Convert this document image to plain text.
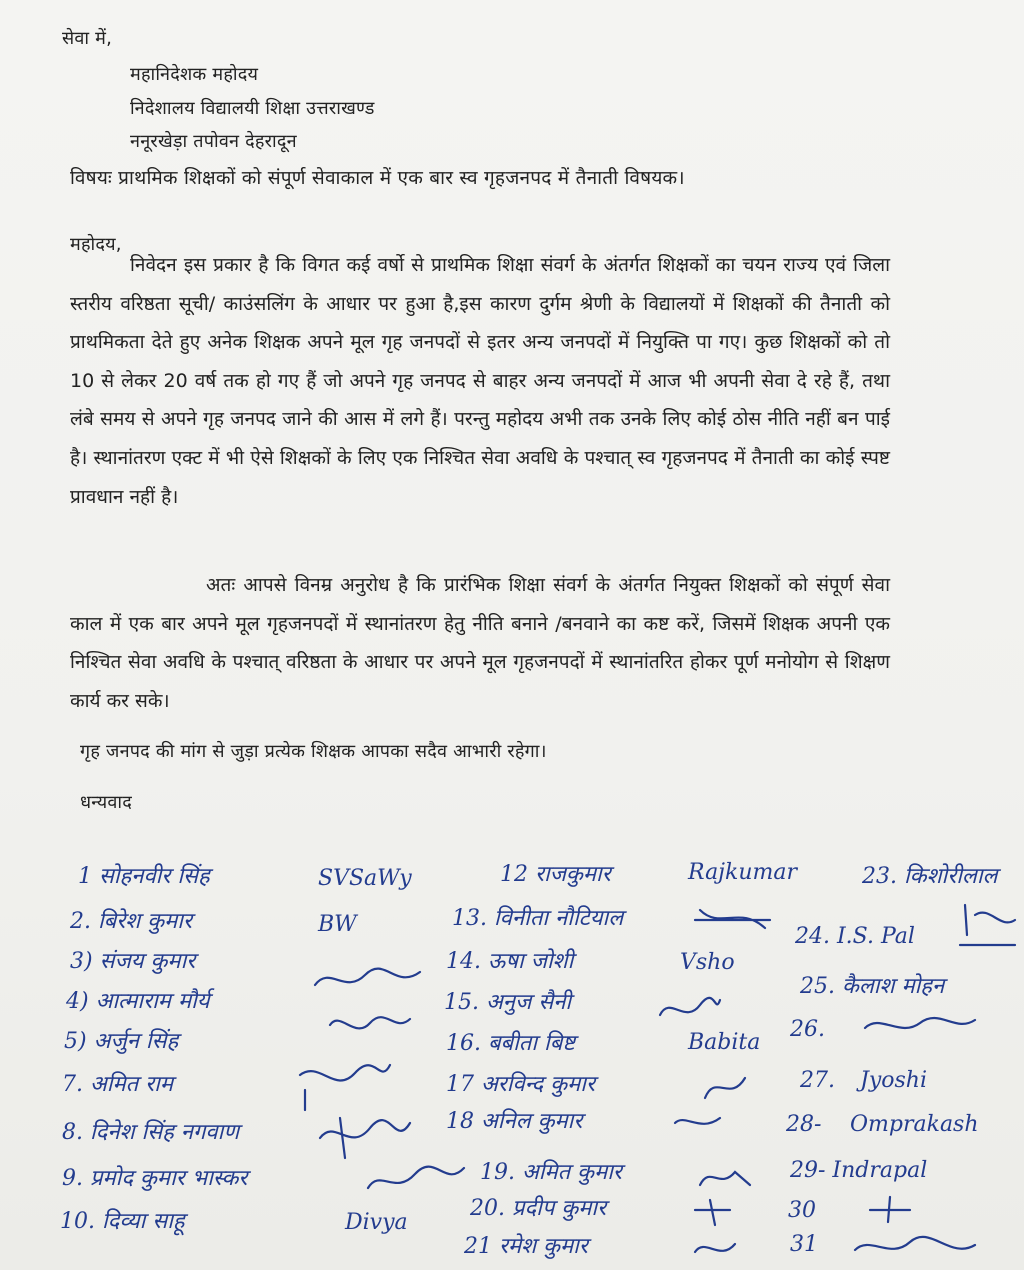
सेवा में,
महानिदेशक महोदय
निदेशालय विद्यालयी शिक्षा उत्तराखण्ड
ननूरखेड़ा तपोवन देहरादून
विषयः प्राथमिक शिक्षकों को संपूर्ण सेवाकाल में एक बार स्व गृहजनपद में तैनाती विषयक।
महोदय,
निवेदन इस प्रकार है कि विगत कई वर्षो से प्राथमिक शिक्षा संवर्ग के अंतर्गत शिक्षकों का चयन राज्य एवं जिला स्तरीय वरिष्ठता सूची/ काउंसलिंग के आधार पर हुआ है,इस कारण दुर्गम श्रेणी के विद्यालयों में शिक्षकों की तैनाती को प्राथमिकता देते हुए अनेक शिक्षक अपने मूल गृह जनपदों से इतर अन्य जनपदों में नियुक्ति पा गए। कुछ शिक्षकों को तो 10 से लेकर 20 वर्ष तक हो गए हैं जो अपने गृह जनपद से बाहर अन्य जनपदों में आज भी अपनी सेवा दे रहे हैं, तथा लंबे समय से अपने गृह जनपद जाने की आस में लगे हैं। परन्तु महोदय अभी तक उनके लिए कोई ठोस नीति नहीं बन पाई है। स्थानांतरण एक्ट में भी ऐसे शिक्षकों के लिए एक निश्चित सेवा अवधि के पश्चात् स्व गृहजनपद में तैनाती का कोई स्पष्ट प्रावधान नहीं है।
अतः आपसे विनम्र अनुरोध है कि प्रारंभिक शिक्षा संवर्ग के अंतर्गत नियुक्त शिक्षकों को संपूर्ण सेवा काल में एक बार अपने मूल गृहजनपदों में स्थानांतरण हेतु नीति बनाने /बनवाने का कष्ट करें, जिसमें शिक्षक अपनी एक निश्चित सेवा अवधि के पश्चात् वरिष्ठता के आधार पर अपने मूल गृहजनपदों में स्थानांतरित होकर पूर्ण मनोयोग से शिक्षण कार्य कर सके।
गृह जनपद की मांग से जुड़ा प्रत्येक शिक्षक आपका सदैव आभारी रहेगा।
धन्यवाद
1 सोहनवीर सिंह
2. बिरेश कुमार
3) संजय कुमार
4) आत्माराम मौर्य
5) अर्जुन सिंह
7. अमित राम
8. दिनेश सिंह नगवाण
9. प्रमोद कुमार भास्कर
10. दिव्या साहू
SVSaWy
BW
Divya
12 राजकुमार
13. विनीता नौटियाल
14. ऊषा जोशी
15. अनुज सैनी
16. बबीता बिष्ट
17 अरविन्द कुमार
18 अनिल कुमार
19. अमित कुमार
20. प्रदीप कुमार
21 रमेश कुमार
Rajkumar
Vsho
Babita
23. किशोरीलाल
24. I.S. Pal
25. कैलाश मोहन
26.
27.
28-
29- Indrapal
30
31
Jyoshi
Omprakash
